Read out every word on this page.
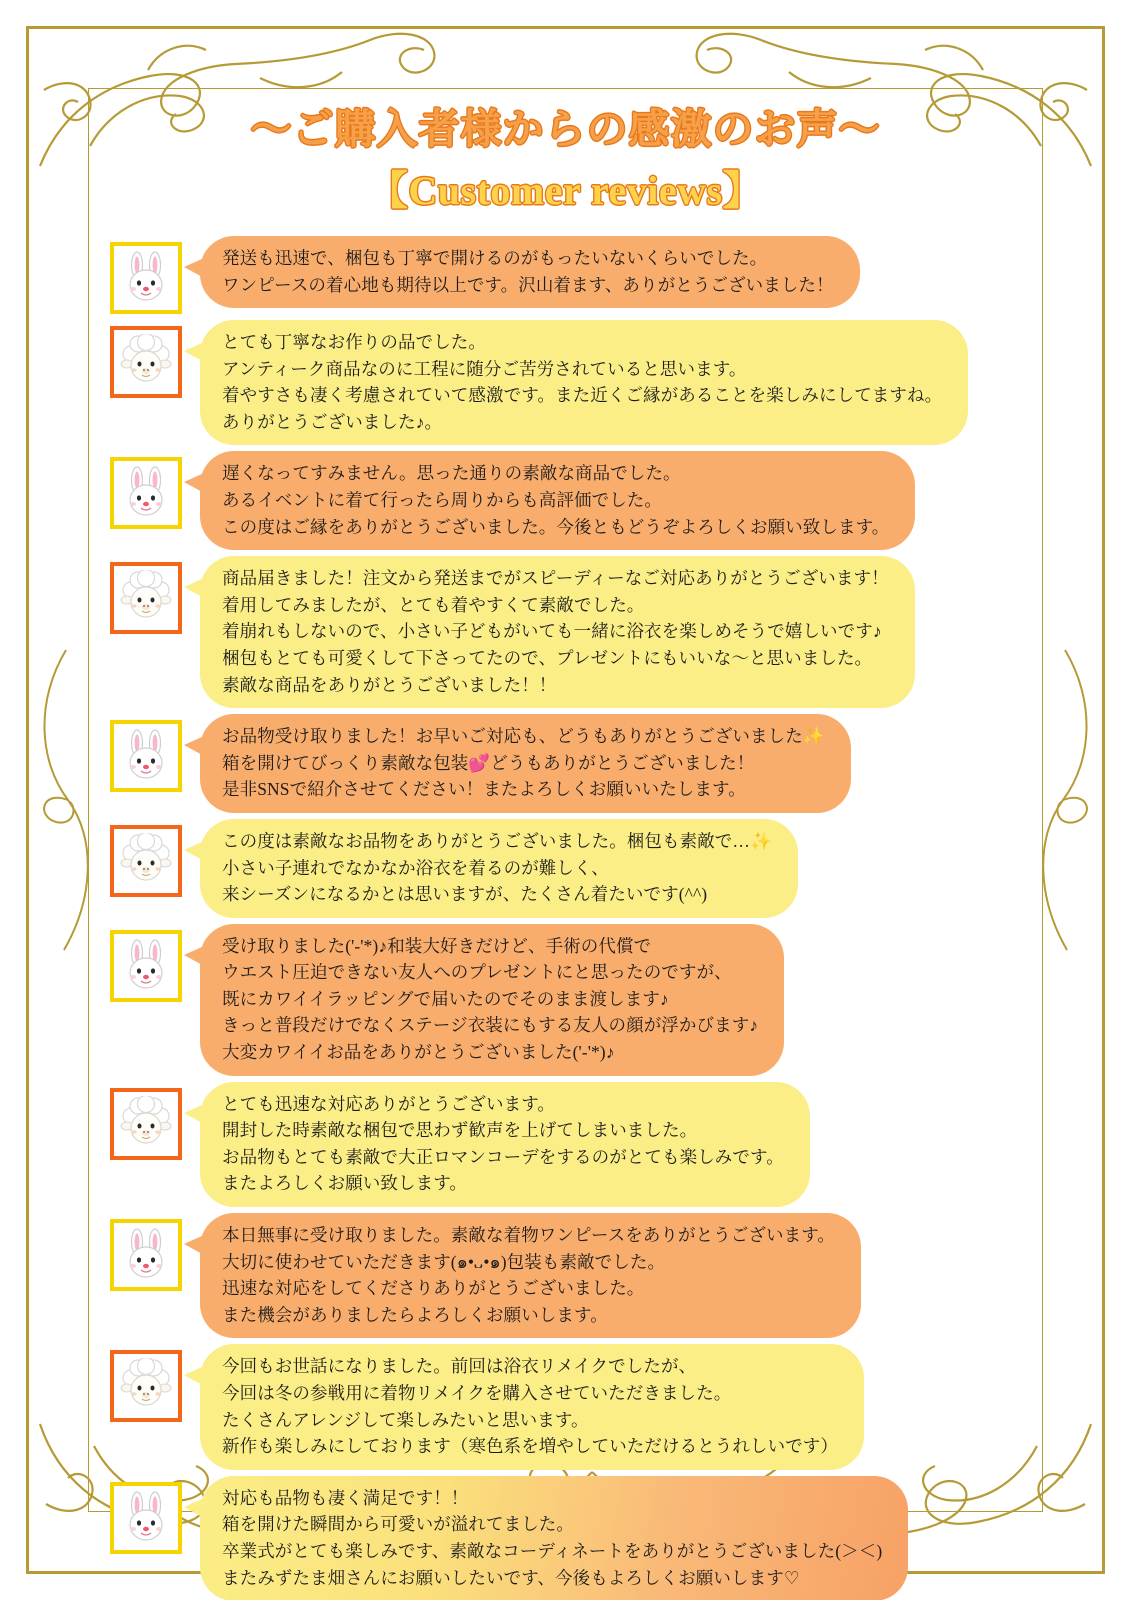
〜ご購入者様からの感激のお声〜
【Customer reviews】

発送も迅速で、梱包も丁寧で開けるのがもったいないくらいでした。

ワンピースの着心地も期待以上です。沢山着ます、ありがとうございました！

とても丁寧なお作りの品でした。

アンティーク商品なのに工程に随分ご苦労されていると思います。

着やすさも凄く考慮されていて感激です。また近くご縁があることを楽しみにしてますね。

ありがとうございました♪。

遅くなってすみません。思った通りの素敵な商品でした。

あるイベントに着て行ったら周りからも高評価でした。

この度はご縁をありがとうございました。今後ともどうぞよろしくお願い致します。

商品届きました！注文から発送までがスピーディーなご対応ありがとうございます！

着用してみましたが、とても着やすくて素敵でした。

着崩れもしないので、小さい子どもがいても一緒に浴衣を楽しめそうで嬉しいです♪

梱包もとても可愛くして下さってたので、プレゼントにもいいな〜と思いました。

素敵な商品をありがとうございました！！

お品物受け取りました！お早いご対応も、どうもありがとうございました✨

箱を開けてびっくり素敵な包装💕どうもありがとうございました！

是非SNSで紹介させてください！またよろしくお願いいたします。

この度は素敵なお品物をありがとうございました。梱包も素敵で…✨

小さい子連れでなかなか浴衣を着るのが難しく、

来シーズンになるかとは思いますが、たくさん着たいです(^^)

受け取りました('-'*)♪和装大好きだけど、手術の代償で

ウエスト圧迫できない友人へのプレゼントにと思ったのですが、

既にカワイイラッピングで届いたのでそのまま渡します♪

きっと普段だけでなくステージ衣装にもする友人の顔が浮かびます♪

大変カワイイお品をありがとうございました('-'*)♪

とても迅速な対応ありがとうございます。

開封した時素敵な梱包で思わず歓声を上げてしまいました。

お品物もとても素敵で大正ロマンコーデをするのがとても楽しみです。

またよろしくお願い致します。

本日無事に受け取りました。素敵な着物ワンピースをありがとうございます。

大切に使わせていただきます(๑•᎑•๑)包装も素敵でした。

迅速な対応をしてくださりありがとうございました。

また機会がありましたらよろしくお願いします。

今回もお世話になりました。前回は浴衣リメイクでしたが、

今回は冬の参戦用に着物リメイクを購入させていただきました。

たくさんアレンジして楽しみたいと思います。

新作も楽しみにしております（寒色系を増やしていただけるとうれしいです）

対応も品物も凄く満足です！！

箱を開けた瞬間から可愛いが溢れてました。

卒業式がとても楽しみです、素敵なコーディネートをありがとうございました(＞＜)

またみずたま畑さんにお願いしたいです、今後もよろしくお願いします♡
